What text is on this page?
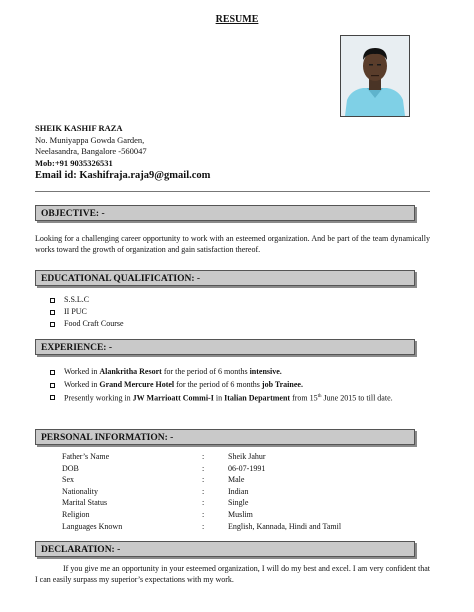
RESUME
SHEIK KASHIF RAZA
No. Muniyappa Gowda Garden,
Neelasandra, Bangalore -560047
Mob:+91 9035326531
Email id: Kashifraja.raja9@gmail.com
OBJECTIVE: -
Looking for a challenging career opportunity to work with an esteemed organization. And be part of the team dynamically works toward the growth of organization and gain satisfaction thereof.
EDUCATIONAL QUALIFICATION: -
S.S.L.C
II PUC
Food Craft Course
EXPERIENCE: -
Worked in Alankritha Resort for the period of 6 months intensive.
Worked in Grand Mercure Hotel for the period of 6 months job Trainee.
Presently working in JW Marrioatt Commi-I in Italian Department from 15th June 2015 to till date.
PERSONAL INFORMATION: -
Father’s Name	:	Sheik Jahur
DOB	:	06-07-1991
Sex	:	Male
Nationality	:	Indian
Marital Status	:	Single
Religion	:	Muslim
Languages Known	:	English, Kannada, Hindi and Tamil
DECLARATION: -
If you give me an opportunity in your esteemed organization, I will do my best and excel. I am very confident that I can easily surpass my superior’s expectations with my work.
